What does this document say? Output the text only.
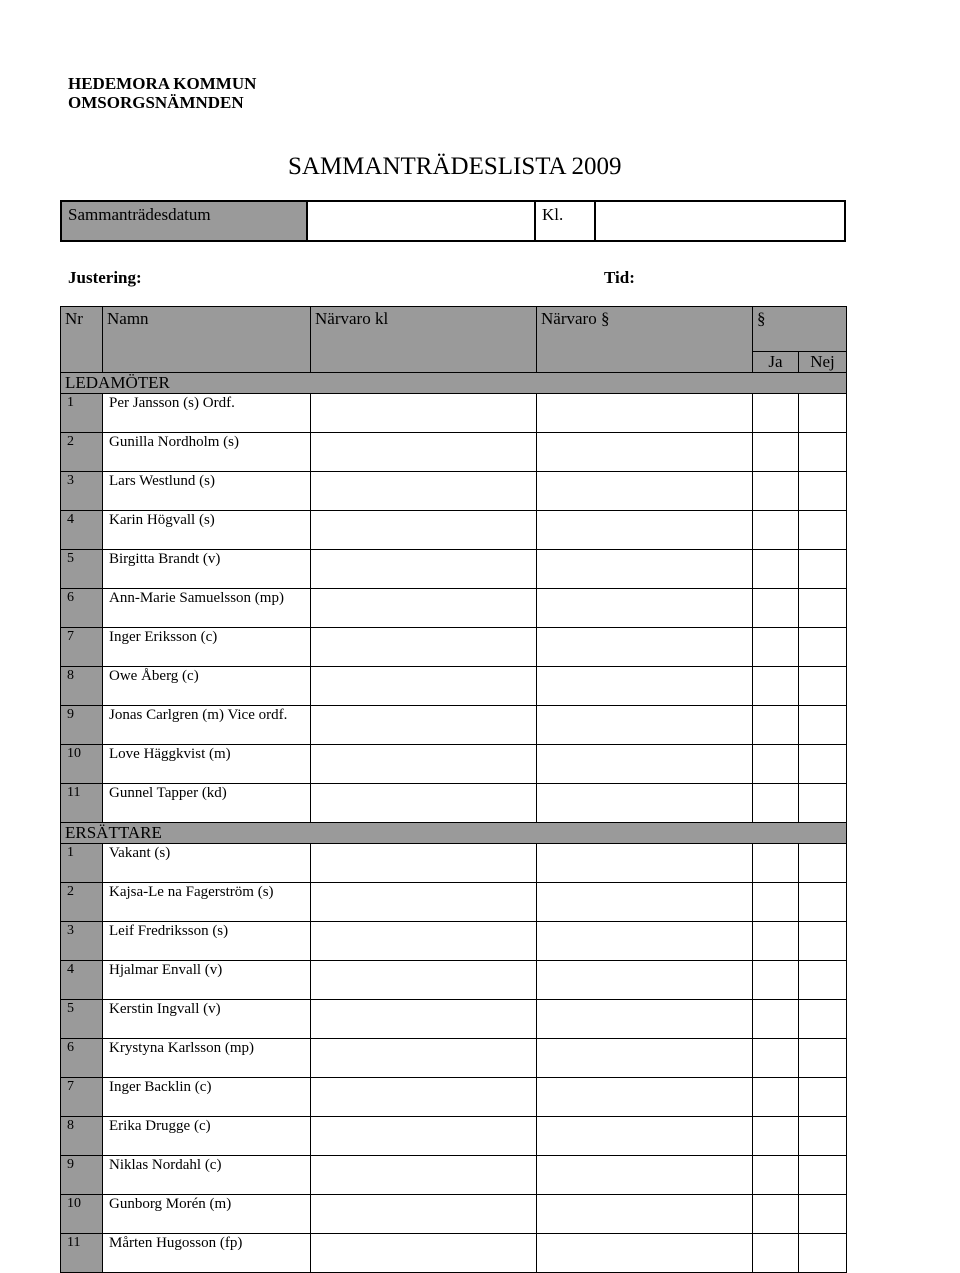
HEDEMORA KOMMUN
OMSORGSNÄMNDEN
SAMMANTRÄDESLISTA 2009
Sammanträdesdatum	Kl.
Justering:	Tid:
Nr	Namn	Närvaro kl	Närvaro §	§	
				Ja	Nej
LEDAMÖTER					
1	Per Jansson (s) Ordf.				
2	Gunilla Nordholm (s)				
3	Lars Westlund (s)				
4	Karin Högvall (s)				
5	Birgitta Brandt (v)				
6	Ann-Marie Samuelsson (mp)				
7	Inger Eriksson (c)				
8	Owe Åberg (c)				
9	Jonas Carlgren (m) Vice ordf.				
10	Love Häggkvist (m)				
11	Gunnel Tapper (kd)				
ERSÄTTARE					
1	Vakant (s)				
2	Kajsa-Le na Fagerström (s)				
3	Leif Fredriksson (s)				
4	Hjalmar Envall (v)				
5	Kerstin Ingvall (v)				
6	Krystyna Karlsson (mp)				
7	Inger Backlin (c)				
8	Erika Drugge (c)				
9	Niklas Nordahl (c)				
10	Gunborg Morén (m)				
11	Mårten Hugosson (fp)				
